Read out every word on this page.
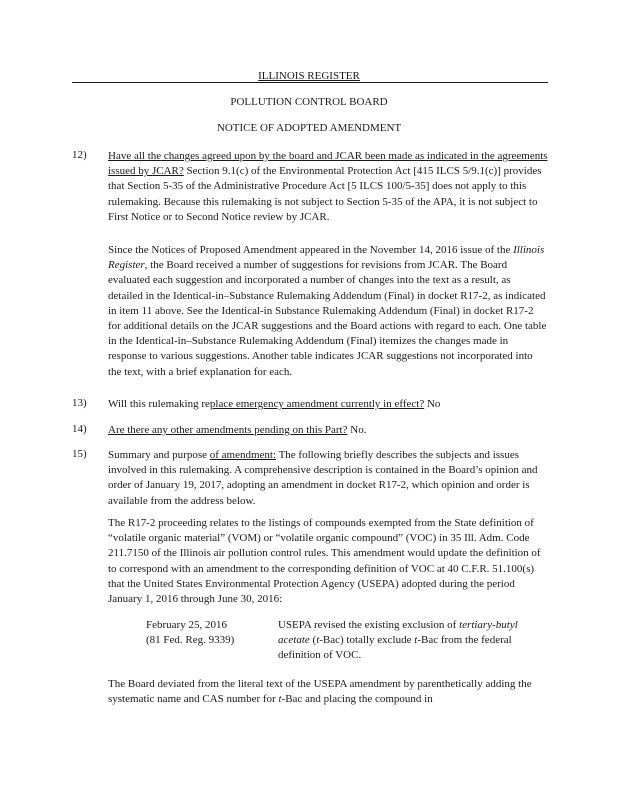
ILLINOIS REGISTER
POLLUTION CONTROL BOARD
NOTICE OF ADOPTED AMENDMENT
12) Have all the changes agreed upon by the board and JCAR been made as indicated in the agreements issued by JCAR? Section 9.1(c) of the Environmental Protection Act [415 ILCS 5/9.1(c)] provides that Section 5-35 of the Administrative Procedure Act [5 ILCS 100/5-35] does not apply to this rulemaking. Because this rulemaking is not subject to Section 5-35 of the APA, it is not subject to First Notice or to Second Notice review by JCAR.
Since the Notices of Proposed Amendment appeared in the November 14, 2016 issue of the Illinois Register, the Board received a number of suggestions for revisions from JCAR. The Board evaluated each suggestion and incorporated a number of changes into the text as a result, as detailed in the Identical-in–Substance Rulemaking Addendum (Final) in docket R17-2, as indicated in item 11 above. See the Identical-in Substance Rulemaking Addendum (Final) in docket R17-2 for additional details on the JCAR suggestions and the Board actions with regard to each. One table in the Identical-in–Substance Rulemaking Addendum (Final) itemizes the changes made in response to various suggestions. Another table indicates JCAR suggestions not incorporated into the text, with a brief explanation for each.
13) Will this rulemaking replace emergency amendment currently in effect? No
14) Are there any other amendments pending on this Part? No.
15) Summary and purpose of amendment: The following briefly describes the subjects and issues involved in this rulemaking. A comprehensive description is contained in the Board’s opinion and order of January 19, 2017, adopting an amendment in docket R17-2, which opinion and order is available from the address below.
The R17-2 proceeding relates to the listings of compounds exempted from the State definition of “volatile organic material” (VOM) or “volatile organic compound” (VOC) in 35 Ill. Adm. Code 211.7150 of the Illinois air pollution control rules. This amendment would update the definition of to correspond with an amendment to the corresponding definition of VOC at 40 C.F.R. 51.100(s) that the United States Environmental Protection Agency (USEPA) adopted during the period January 1, 2016 through June 30, 2016:
February 25, 2016
(81 Fed. Reg. 9339)
USEPA revised the existing exclusion of tertiary-butyl acetate (t-Bac) totally exclude t-Bac from the federal definition of VOC.
The Board deviated from the literal text of the USEPA amendment by parenthetically adding the systematic name and CAS number for t-Bac and placing the compound in
